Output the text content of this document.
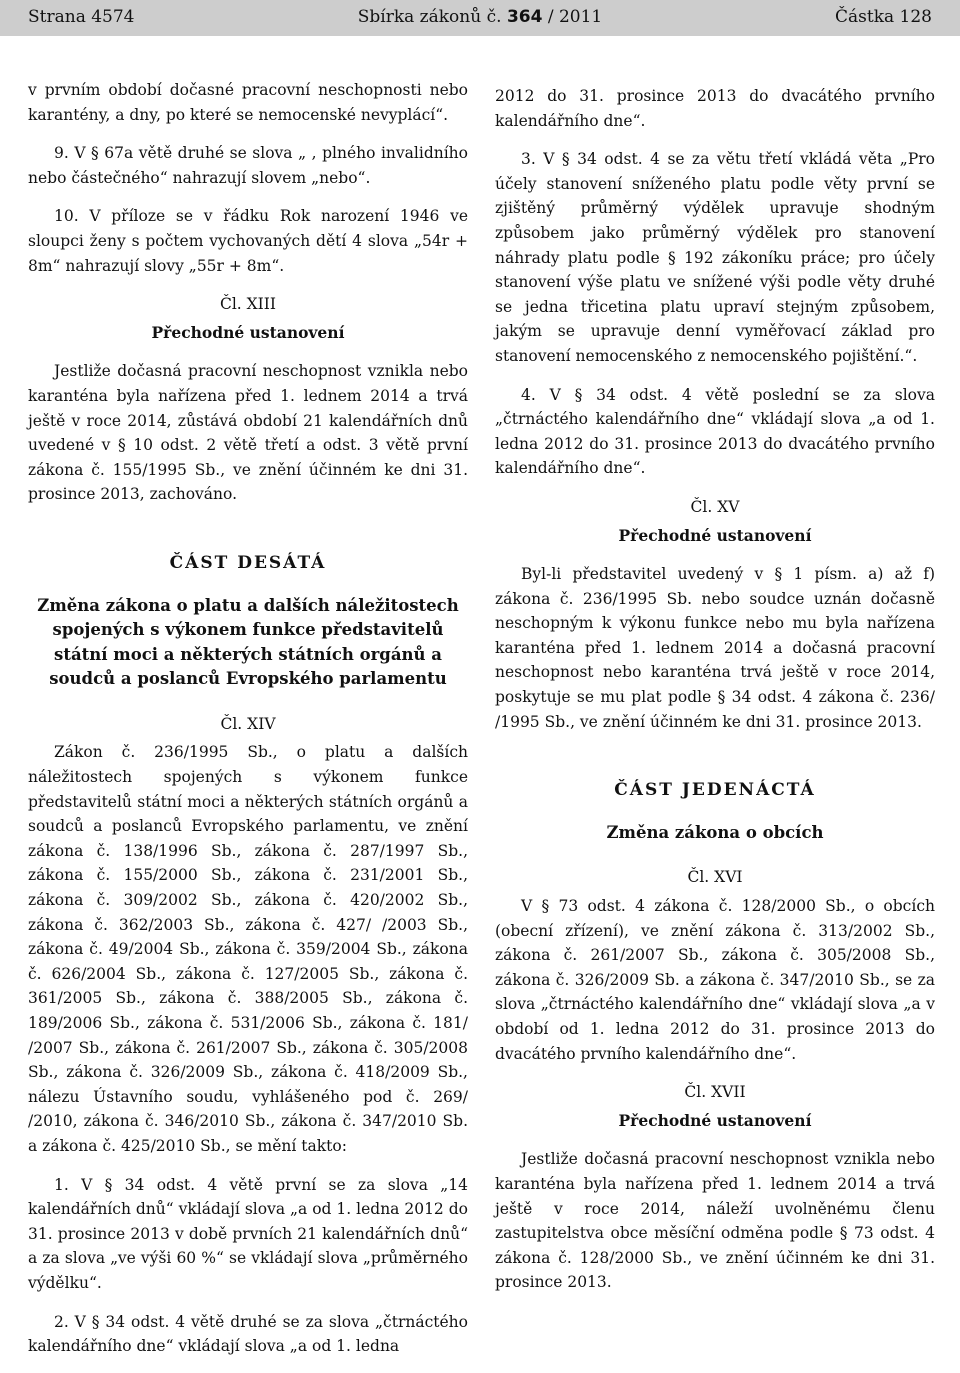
Strana 4574	Sbírka zákonů č. 364 / 2011	Částka 128

v prvním období dočasné pracovní neschopnosti nebo karantény, a dny, po které se nemocenské nevyplácí“.

9. V § 67a větě druhé se slova „ , plného invalidního nebo částečného“ nahrazují slovem „nebo“.

10. V příloze se v řádku Rok narození 1946 ve sloupci ženy s počtem vychovaných dětí 4 slova „54r + 8m“ nahrazují slovy „55r + 8m“.

Čl. XIII
Přechodné ustanovení

Jestliže dočasná pracovní neschopnost vznikla nebo karanténa byla nařízena před 1. lednem 2014 a trvá ještě v roce 2014, zůstává období 21 kalendářních dnů uvedené v § 10 odst. 2 větě třetí a odst. 3 větě první zákona č. 155/1995 Sb., ve znění účinném ke dni 31. prosince 2013, zachováno.

ČÁST DESÁTÁ
Změna zákona o platu a dalších náležitostech spojených s výkonem funkce představitelů státní moci a některých státních orgánů a soudců a poslanců Evropského parlamentu
Čl. XIV

Zákon č. 236/1995 Sb., o platu a dalších náležitostech spojených s výkonem funkce představitelů státní moci a některých státních orgánů a soudců a poslanců Evropského parlamentu, ve znění zákona č. 138/1996 Sb., zákona č. 287/1997 Sb., zákona č. 155/2000 Sb., zákona č. 231/2001 Sb., zákona č. 309/2002 Sb., zákona č. 420/2002 Sb., zákona č. 362/2003 Sb., zákona č. 427/ /2003 Sb., zákona č. 49/2004 Sb., zákona č. 359/2004 Sb., zákona č. 626/2004 Sb., zákona č. 127/2005 Sb., zákona č. 361/2005 Sb., zákona č. 388/2005 Sb., zákona č. 189/2006 Sb., zákona č. 531/2006 Sb., zákona č. 181/ /2007 Sb., zákona č. 261/2007 Sb., zákona č. 305/2008 Sb., zákona č. 326/2009 Sb., zákona č. 418/2009 Sb., nálezu Ústavního soudu, vyhlášeného pod č. 269/ /2010, zákona č. 346/2010 Sb., zákona č. 347/2010 Sb. a zákona č. 425/2010 Sb., se mění takto:

1. V § 34 odst. 4 větě první se za slova „14 kalendářních dnů“ vkládají slova „a od 1. ledna 2012 do 31. prosince 2013 v době prvních 21 kalendářních dnů“ a za slova „ve výši 60 %“ se vkládají slova „průměrného výdělku“.

2. V § 34 odst. 4 větě druhé se za slova „čtrnáctého kalendářního dne“ vkládají slova „a od 1. ledna

2012 do 31. prosince 2013 do dvacátého prvního kalendářního dne“.

3. V § 34 odst. 4 se za větu třetí vkládá věta „Pro účely stanovení sníženého platu podle věty první se zjištěný průměrný výdělek upravuje shodným způsobem jako průměrný výdělek pro stanovení náhrady platu podle § 192 zákoníku práce; pro účely stanovení výše platu ve snížené výši podle věty druhé se jedna třicetina platu upraví stejným způsobem, jakým se upravuje denní vyměřovací základ pro stanovení nemocenského z nemocenského pojištění.“.

4. V § 34 odst. 4 větě poslední se za slova „čtrnáctého kalendářního dne“ vkládají slova „a od 1. ledna 2012 do 31. prosince 2013 do dvacátého prvního kalendářního dne“.

Čl. XV
Přechodné ustanovení

Byl-li představitel uvedený v § 1 písm. a) až f) zákona č. 236/1995 Sb. nebo soudce uznán dočasně neschopným k výkonu funkce nebo mu byla nařízena karanténa před 1. lednem 2014 a dočasná pracovní neschopnost nebo karanténa trvá ještě v roce 2014, poskytuje se mu plat podle § 34 odst. 4 zákona č. 236/ /1995 Sb., ve znění účinném ke dni 31. prosince 2013.

ČÁST JEDENÁCTÁ
Změna zákona o obcích
Čl. XVI

V § 73 odst. 4 zákona č. 128/2000 Sb., o obcích (obecní zřízení), ve znění zákona č. 313/2002 Sb., zákona č. 261/2007 Sb., zákona č. 305/2008 Sb., zákona č. 326/2009 Sb. a zákona č. 347/2010 Sb., se za slova „čtrnáctého kalendářního dne“ vkládají slova „a v období od 1. ledna 2012 do 31. prosince 2013 do dvacátého prvního kalendářního dne“.

Čl. XVII
Přechodné ustanovení

Jestliže dočasná pracovní neschopnost vznikla nebo karanténa byla nařízena před 1. lednem 2014 a trvá ještě v roce 2014, náleží uvolněnému členu zastupitelstva obce měsíční odměna podle § 73 odst. 4 zákona č. 128/2000 Sb., ve znění účinném ke dni 31. prosince 2013.
